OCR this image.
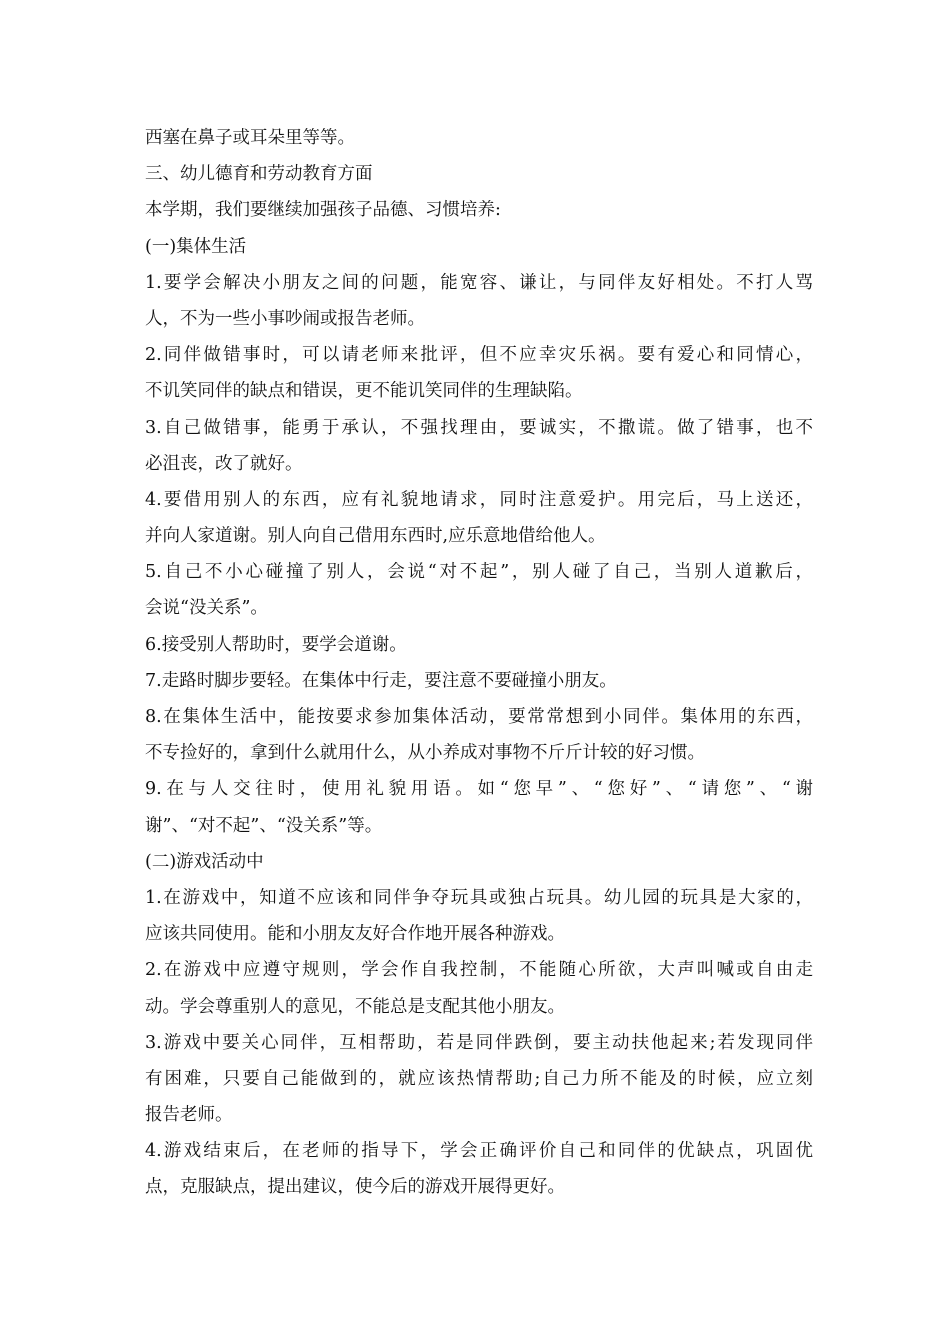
西塞在鼻子或耳朵里等等。
三、幼儿德育和劳动教育方面
本学期，我们要继续加强孩子品德、习惯培养:
(一)集体生活
1.要学会解决小朋友之间的问题，能宽容、谦让，与同伴友好相处。不打人骂
人，不为一些小事吵闹或报告老师。
2.同伴做错事时，可以请老师来批评，但不应幸灾乐祸。要有爱心和同情心，
不讥笑同伴的缺点和错误，更不能讥笑同伴的生理缺陷。
3.自己做错事，能勇于承认，不强找理由，要诚实，不撒谎。做了错事，也不
必沮丧，改了就好。
4.要借用别人的东西，应有礼貌地请求，同时注意爱护。用完后，马上送还，
并向人家道谢。别人向自己借用东西时,应乐意地借给他人。
5.自己不小心碰撞了别人，会说“对不起”，别人碰了自己，当别人道歉后，
会说“没关系”。
6.接受别人帮助时，要学会道谢。
7.走路时脚步要轻。在集体中行走，要注意不要碰撞小朋友。
8.在集体生活中，能按要求参加集体活动，要常常想到小同伴。集体用的东西，
不专捡好的，拿到什么就用什么，从小养成对事物不斤斤计较的好习惯。
9.在与人交往时，使用礼貌用语。如“您早”、“您好”、“请您”、“谢
谢”、“对不起”、“没关系”等。
(二)游戏活动中
1.在游戏中，知道不应该和同伴争夺玩具或独占玩具。幼儿园的玩具是大家的，
应该共同使用。能和小朋友友好合作地开展各种游戏。
2.在游戏中应遵守规则，学会作自我控制，不能随心所欲，大声叫喊或自由走
动。学会尊重别人的意见，不能总是支配其他小朋友。
3.游戏中要关心同伴，互相帮助，若是同伴跌倒，要主动扶他起来;若发现同伴
有困难，只要自己能做到的，就应该热情帮助;自己力所不能及的时候，应立刻
报告老师。
4.游戏结束后，在老师的指导下，学会正确评价自己和同伴的优缺点，巩固优
点，克服缺点，提出建议，使今后的游戏开展得更好。
